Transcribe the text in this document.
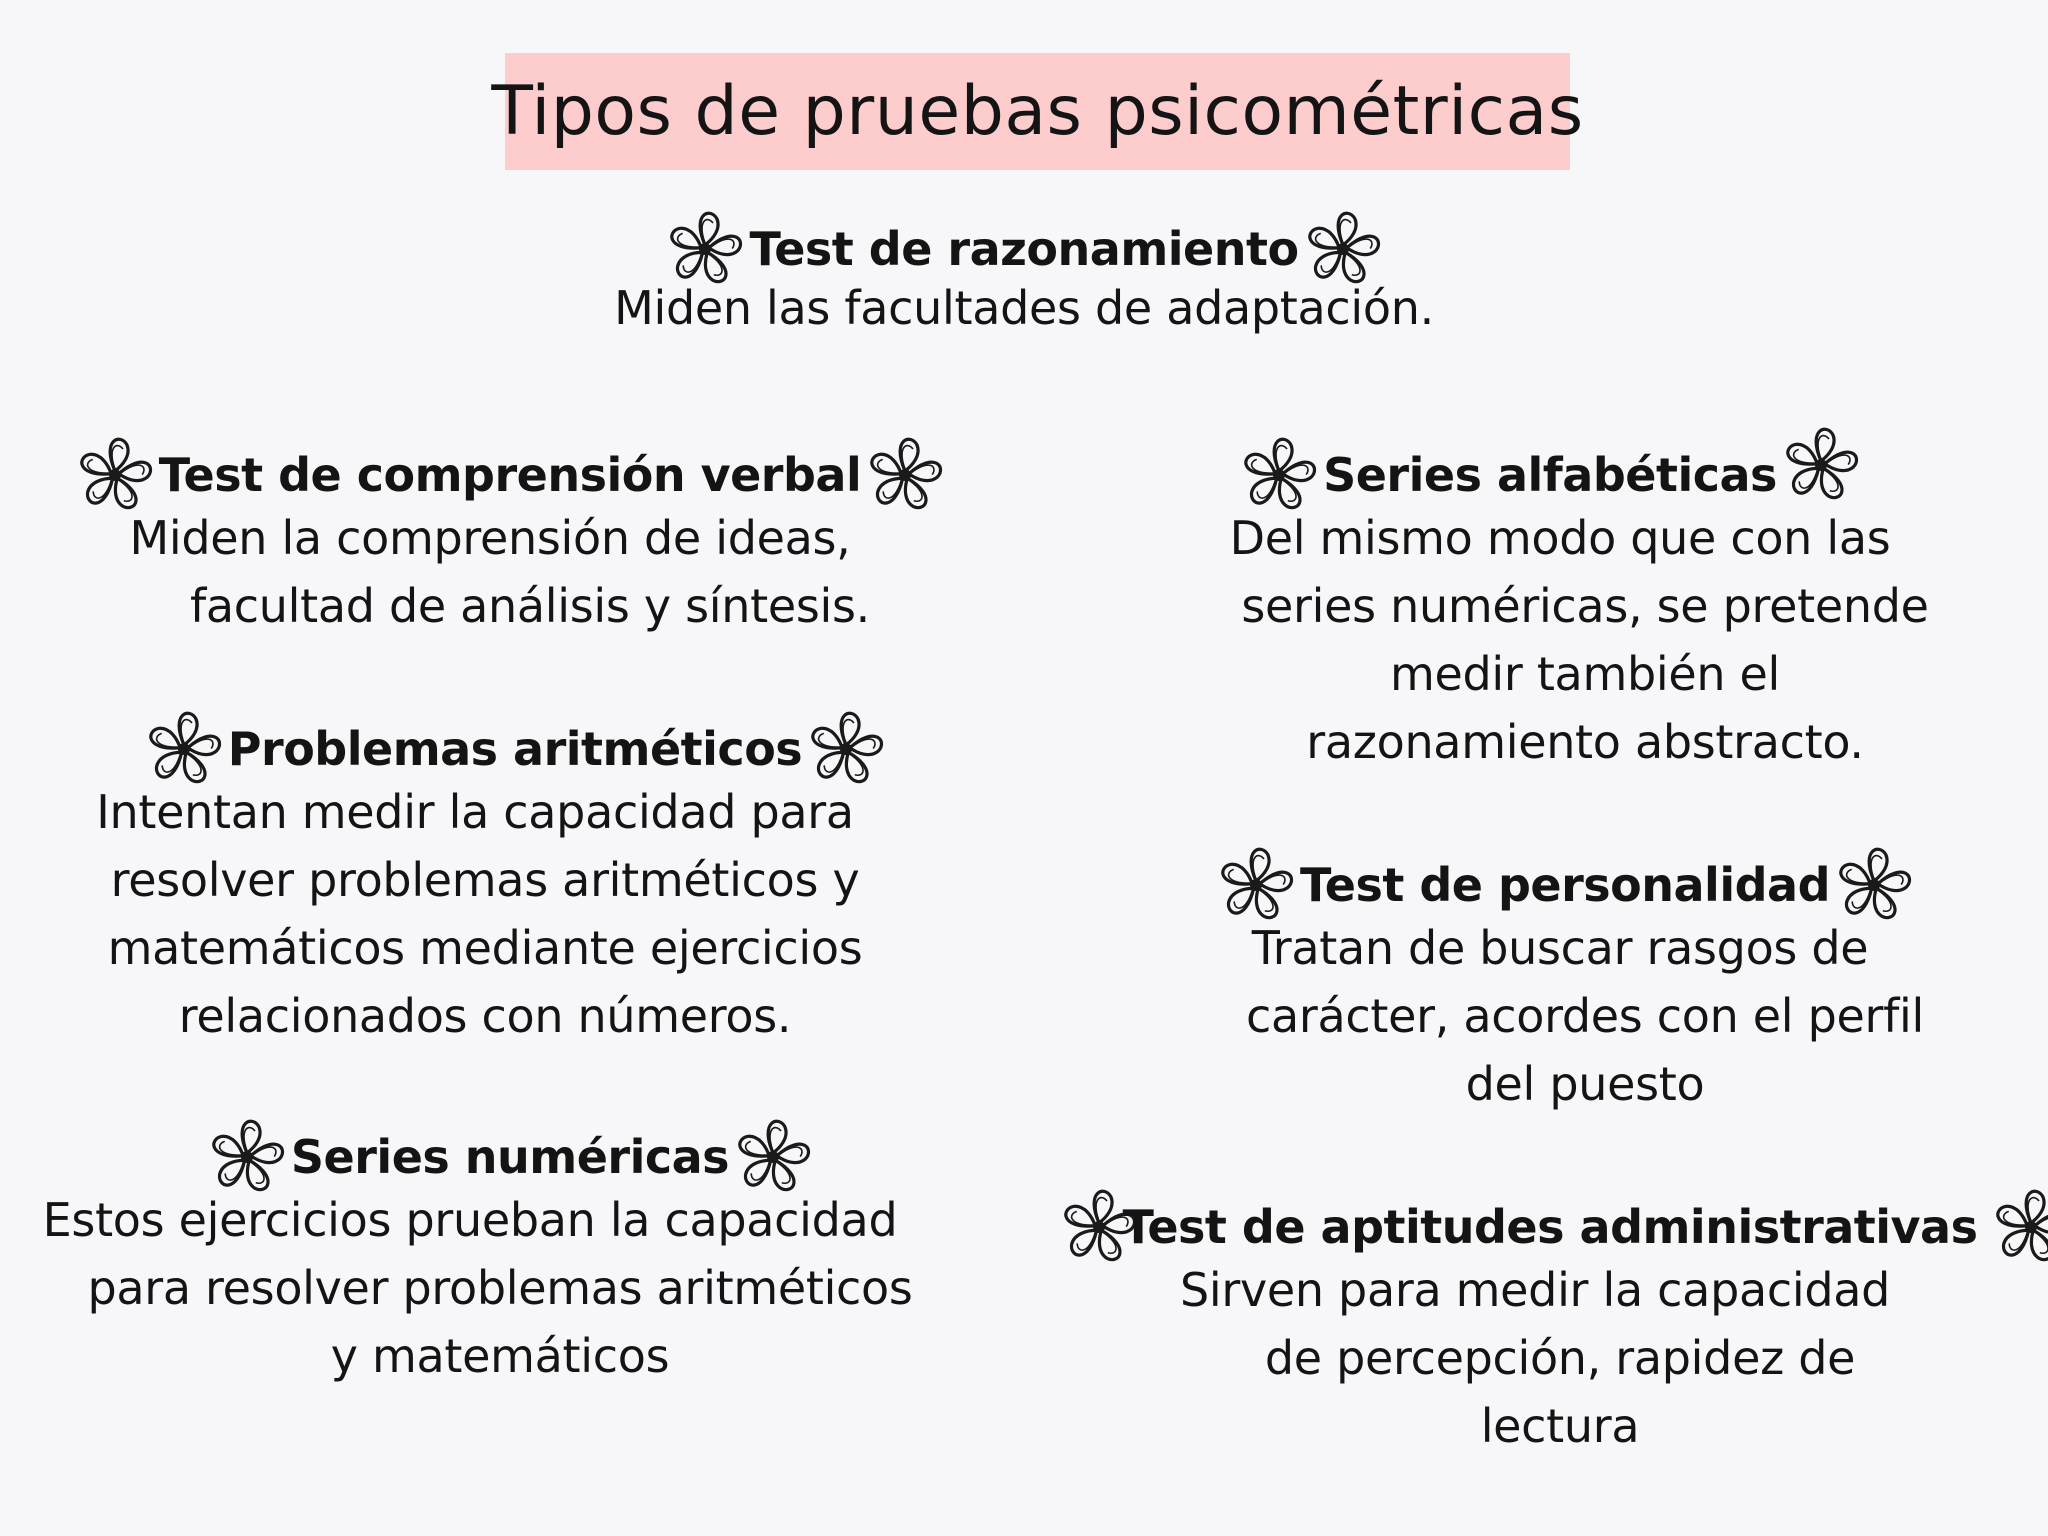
Tipos de pruebas psicométricas
Test de razonamiento
Miden las facultades de adaptación.
Test de comprensión verbal
Miden la comprensión de ideas,
facultad de análisis y síntesis.
Problemas aritméticos
Intentan medir la capacidad para
resolver problemas aritméticos y
matemáticos mediante ejercicios
relacionados con números.
Series numéricas
Estos ejercicios prueban la capacidad
para resolver problemas aritméticos
y matemáticos
Series alfabéticas
Del mismo modo que con las
series numéricas, se pretende
medir también el
razonamiento abstracto.
Test de personalidad
Tratan de buscar rasgos de
carácter, acordes con el perfil
del puesto
Test de aptitudes administrativas
Sirven para medir la capacidad
de percepción, rapidez de
lectura
